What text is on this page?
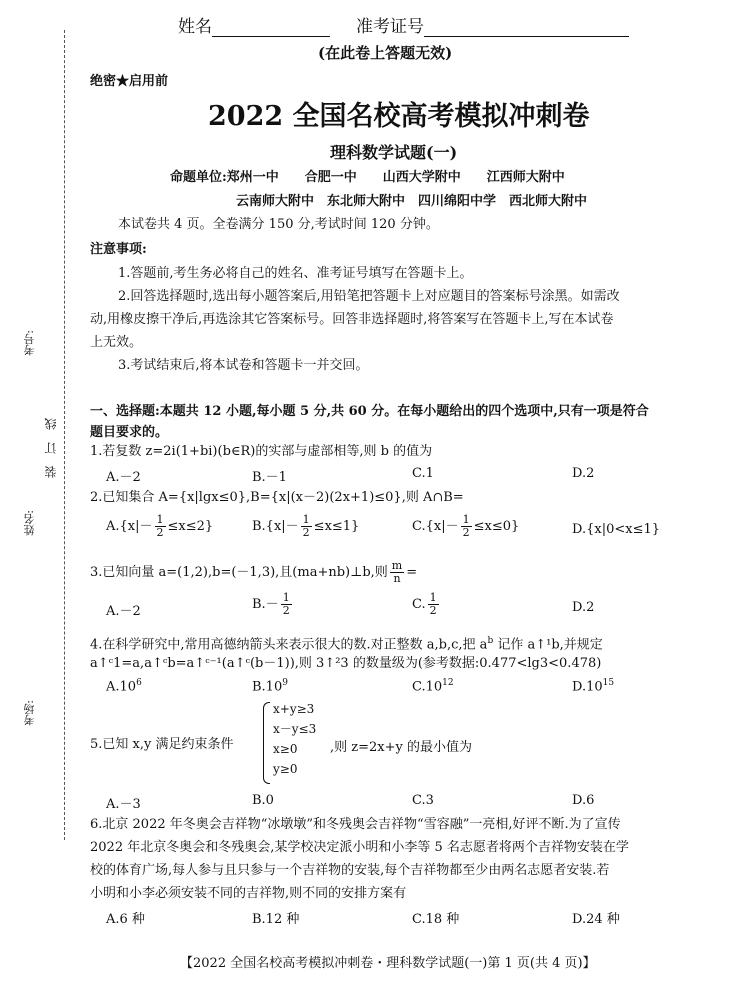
考号:
姓名:
考场:
装　订　线
姓名	准考证号
(在此卷上答题无效)
绝密★启用前
2022 全国名校高考模拟冲刺卷
理科数学试题(一)
命题单位:郑州一中　　合肥一中　　山西大学附中　　江西师大附中
云南师大附中　东北师大附中　四川绵阳中学　西北师大附中
本试卷共 4 页。全卷满分 150 分,考试时间 120 分钟。
注意事项:
1.答题前,考生务必将自己的姓名、准考证号填写在答题卡上。
2.回答选择题时,选出每小题答案后,用铅笔把答题卡上对应题目的答案标号涂黑。如需改
动,用橡皮擦干净后,再选涂其它答案标号。回答非选择题时,将答案写在答题卡上,写在本试卷
上无效。
3.考试结束后,将本试卷和答题卡一并交回。
一、选择题:本题共 12 小题,每小题 5 分,共 60 分。在每小题给出的四个选项中,只有一项是符合
题目要求的。
1.若复数 z=2i(1+bi)(b∈R)的实部与虚部相等,则 b 的值为
A.－2	B.－1	C.1	D.2
2.已知集合 A={x|lgx≤0},B={x|(x－2)(2x+1)≤0},则 A∩B=
$A.\{x|- \frac{1}{2} \le x\le 2\}$	$B.\{x|- \frac{1}{2} \le x\le 1\}$	$C.\{x|- \frac{1}{2} \le x\le 0\}$	D.{x|0<x≤1}
3.已知向量 a=(1,2),b=(－1,3),且(ma+nb)⊥b,则 $\frac{m}{n}$ =
A.－2	$B.- \frac{1}{2}$	C. $\frac{1}{2}$	D.2
4.在科学研究中,常用高德纳箭头来表示很大的数.对正整数 a,b,c,把 $a^b$ 记作 a↑¹b,并规定
a↑ᶜ1=a,a↑ᶜb=a↑ᶜ⁻¹(a↑ᶜ(b－1)),则 3↑²3 的数量级为(参考数据:0.477<lg3<0.478)
$A.10^6$	$B.10^9$	$C.10^{12}$	$D.10^{15}$
5.已知 x,y 满足约束条件
x+y≥3
x－y≤3
x≥0
y≥0
,则 z=2x+y 的最小值为
A.－3	B.0	C.3	D.6
6.北京 2022 年冬奥会吉祥物“冰墩墩”和冬残奥会吉祥物“雪容融”一亮相,好评不断.为了宣传
2022 年北京冬奥会和冬残奥会,某学校决定派小明和小李等 5 名志愿者将两个吉祥物安装在学
校的体育广场,每人参与且只参与一个吉祥物的安装,每个吉祥物都至少由两名志愿者安装.若
小明和小李必须安装不同的吉祥物,则不同的安排方案有
A.6 种	B.12 种	C.18 种	D.24 种
【2022 全国名校高考模拟冲刺卷・理科数学试题(一)第 1 页(共 4 页)】
